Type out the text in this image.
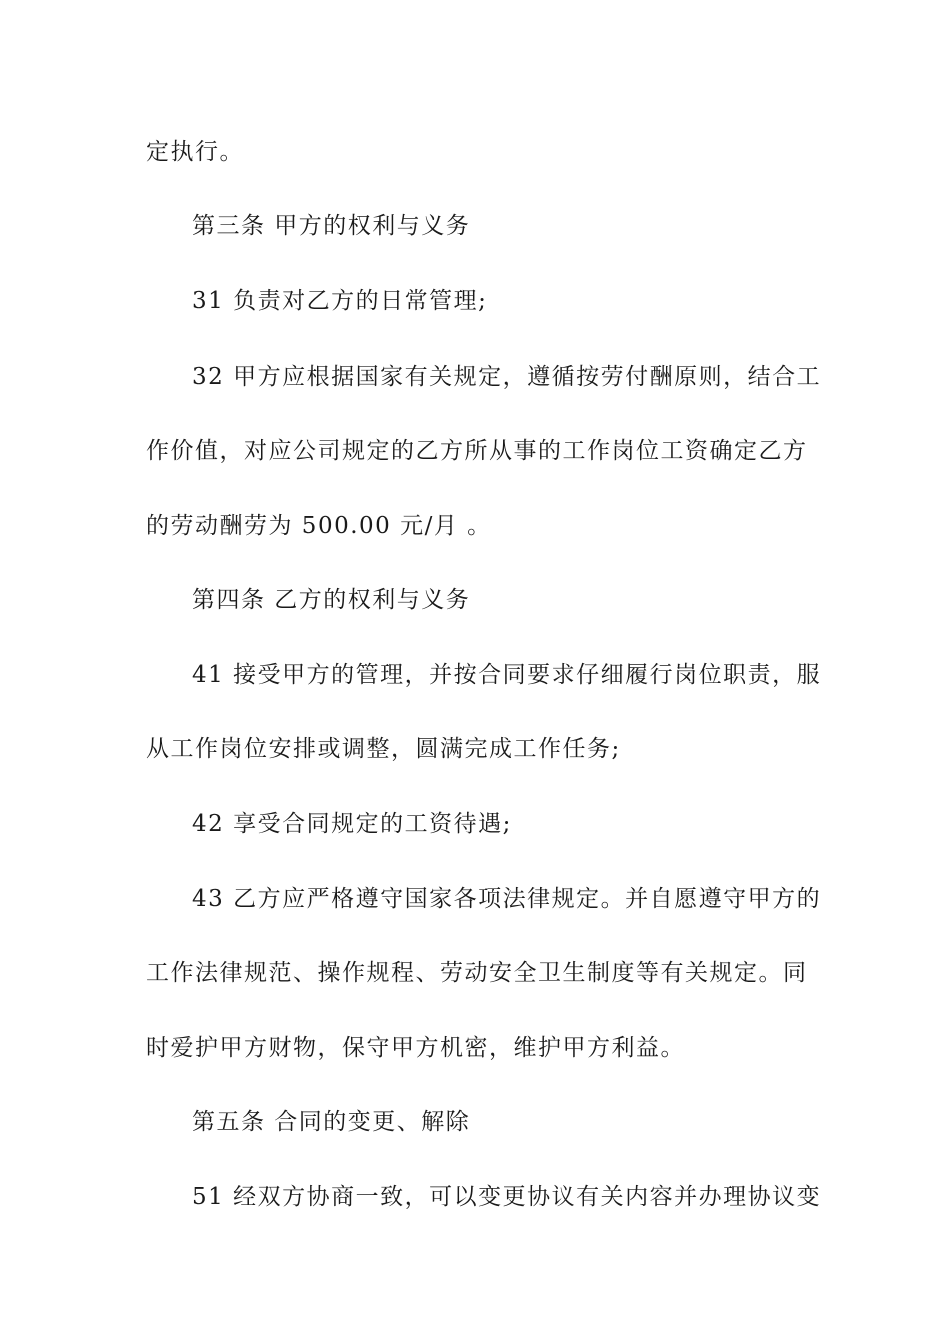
定执行。
第三条 甲方的权利与义务
31 负责对乙方的日常管理;
32 甲方应根据国家有关规定，遵循按劳付酬原则，结合工
作价值，对应公司规定的乙方所从事的工作岗位工资确定乙方
的劳动酬劳为 500.00 元/月 。
第四条 乙方的权利与义务
41 接受甲方的管理，并按合同要求仔细履行岗位职责，服
从工作岗位安排或调整，圆满完成工作任务;
42 享受合同规定的工资待遇;
43 乙方应严格遵守国家各项法律规定。并自愿遵守甲方的
工作法律规范、操作规程、劳动安全卫生制度等有关规定。同
时爱护甲方财物，保守甲方机密，维护甲方利益。
第五条 合同的变更、解除
51 经双方协商一致，可以变更协议有关内容并办理协议变
